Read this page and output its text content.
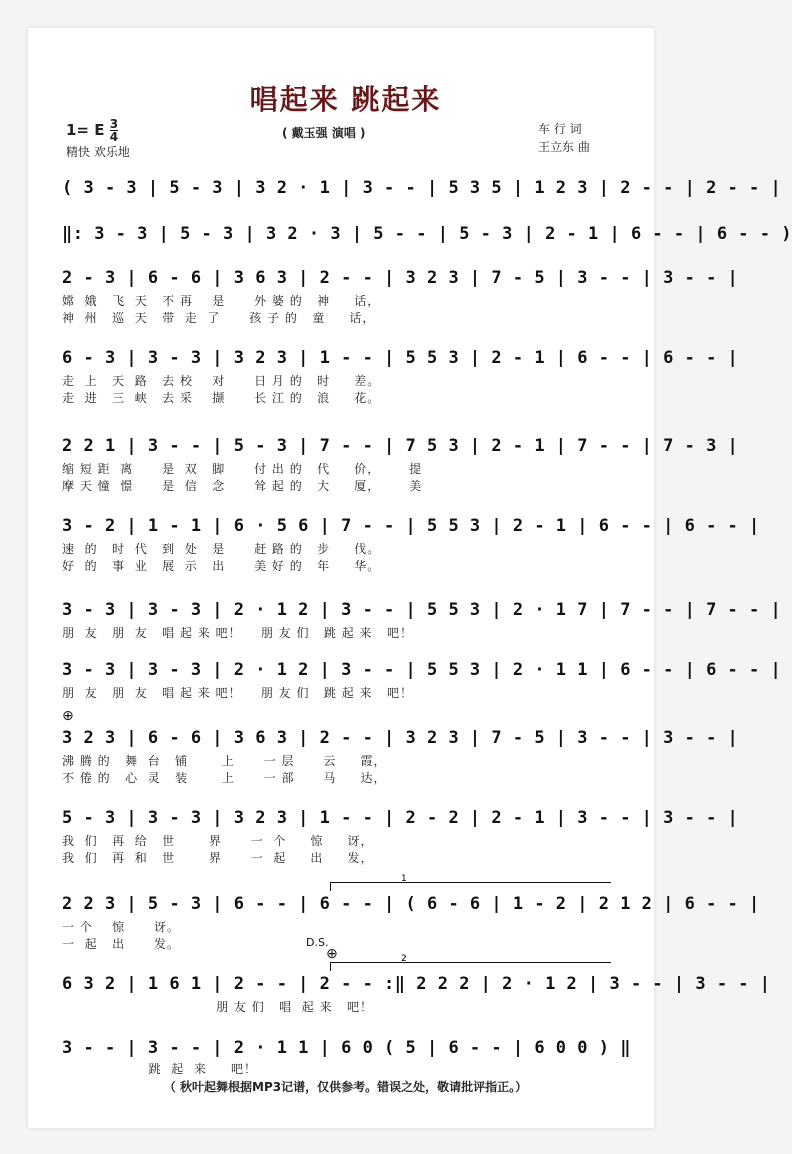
唱起来 跳起来
1= E $\frac{3}{4}$
精快 欢乐地
( 戴玉强 演唱 )	车 行 词
王立东 曲
( 3 - 3 | 5 - 3 | 3 2 · 1 | 3 - - | 5 3 5 | 1 2 3 | 2 - - | 2 - - |
‖: 3 - 3 | 5 - 3 | 3 2 · 3 | 5 - - | 5 - 3 | 2 - 1 | 6 - - | 6 - - )
2 - 3 | 6 - 6 | 3 6 3 | 2 - - | 3 2 3 | 7 - 5 | 3 - - | 3 - - |
嫦  娥   飞  天   不 再    是      外 婆 的   神     话，
神  州   巡  天   带  走  了      孩 子 的   童     话，
6 - 3 | 3 - 3 | 3 2 3 | 1 - - | 5 5 3 | 2 - 1 | 6 - - | 6 - - |
走  上   天  路   去 校    对      日 月 的   时     差。
走  进   三  峡   去 采    撷      长 江 的   浪     花。
2 2 1 | 3 - - | 5 - 3 | 7 - - | 7 5 3 | 2 - 1 | 7 - - | 7 - 3 |
缩 短 距  离      是  双   脚      付 出 的   代     价，      提
摩 天 憧  憬      是  信   念      耸 起 的   大     厦，      美
3 - 2 | 1 - 1 | 6 · 5 6 | 7 - - | 5 5 3 | 2 - 1 | 6 - - | 6 - - |
速  的   时  代   到  处   是      赶 路 的   步     伐。
好  的   事  业   展  示   出      美 好 的   年     华。
3 - 3 | 3 - 3 | 2 · 1 2 | 3 - - | 5 5 3 | 2 · 1 7 | 7 - - | 7 - - |
朋  友   朋  友   唱 起 来 吧！    朋 友 们   跳 起 来   吧！
3 - 3 | 3 - 3 | 2 · 1 2 | 3 - - | 5 5 3 | 2 · 1 1 | 6 - - | 6 - - |
朋  友   朋  友   唱 起 来 吧！    朋 友 们   跳 起 来   吧！
⊕
3 2 3 | 6 - 6 | 3 6 3 | 2 - - | 3 2 3 | 7 - 5 | 3 - - | 3 - - |
沸 腾 的   舞  台   铺       上      一 层      云     霞，
不 倦 的   心  灵   装       上      一 部      马     达，
5 - 3 | 3 - 3 | 3 2 3 | 1 - - | 2 - 2 | 2 - 1 | 3 - - | 3 - - |
我  们   再  给   世       界      一  个     惊     讶，
我  们   再  和   世       界      一  起     出     发，
1
2 2 3 | 5 - 3 | 6 - - | 6 - - | ( 6 - 6 | 1 - 2 | 2 1 2 | 6 - - |
一 个    惊      讶。
一  起   出      发。	D.S.
⊕	2
6 3 2 | 1 6 1 | 2 - - | 2 - - :‖ 2 2 2 | 2 · 1 2 | 3 - - | 3 - - |
朋 友 们   唱  起 来   吧！
3 - - | 3 - - | 2 · 1 1 | 6 0 ( 5 | 6 - - | 6 0 0 ) ‖
跳  起  来     吧！
（ 秋叶起舞根据MP3记谱，仅供参考。错误之处，敬请批评指正。）
